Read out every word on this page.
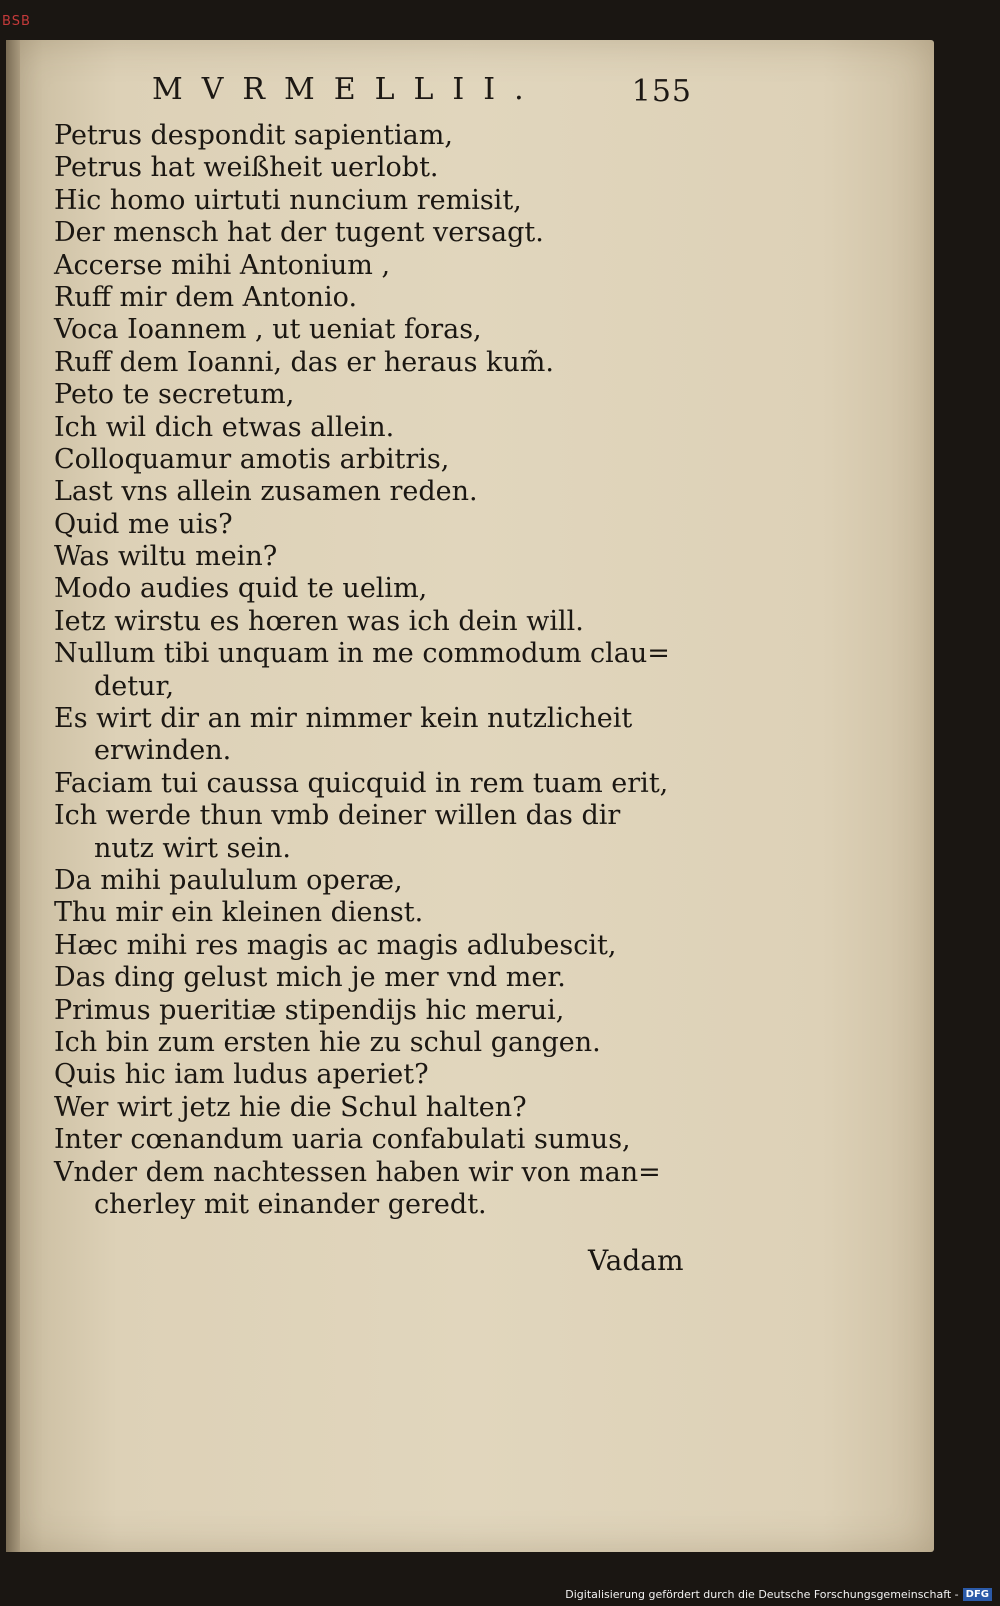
BSB
MVRMELLII.	155
Petrus despondit sapientiam,
Petrus hat weißheit uerlobt.
Hic homo uirtuti nuncium remisit,
Der mensch hat der tugent versagt.
Accerse mihi Antonium ,
Ruff mir dem Antonio.
Voca Ioannem , ut ueniat foras,
Ruff dem Ioanni, das er heraus kum̃.
Peto te secretum,
Ich wil dich etwas allein.
Colloquamur amotis arbitris,
Last vns allein zusamen reden.
Quid me uis?
Was wiltu mein?
Modo audies quid te uelim,
Ietz wirstu es hœren was ich dein will.
Nullum tibi unquam in me commodum clau=
detur,
Es wirt dir an mir nimmer kein nutzlicheit
erwinden.
Faciam tui caussa quicquid in rem tuam erit,
Ich werde thun vmb deiner willen das dir
nutz wirt sein.
Da mihi paululum operæ,
Thu mir ein kleinen dienst.
Hæc mihi res magis ac magis adlubescit,
Das ding gelust mich je mer vnd mer.
Primus pueritiæ stipendijs hic merui,
Ich bin zum ersten hie zu schul gangen.
Quis hic iam ludus aperiet?
Wer wirt jetz hie die Schul halten?
Inter cœnandum uaria confabulati sumus,
Vnder dem nachtessen haben wir von man=
cherley mit einander geredt.
Vadam
Digitalisierung gefördert durch die Deutsche Forschungsgemeinschaft - DFG
